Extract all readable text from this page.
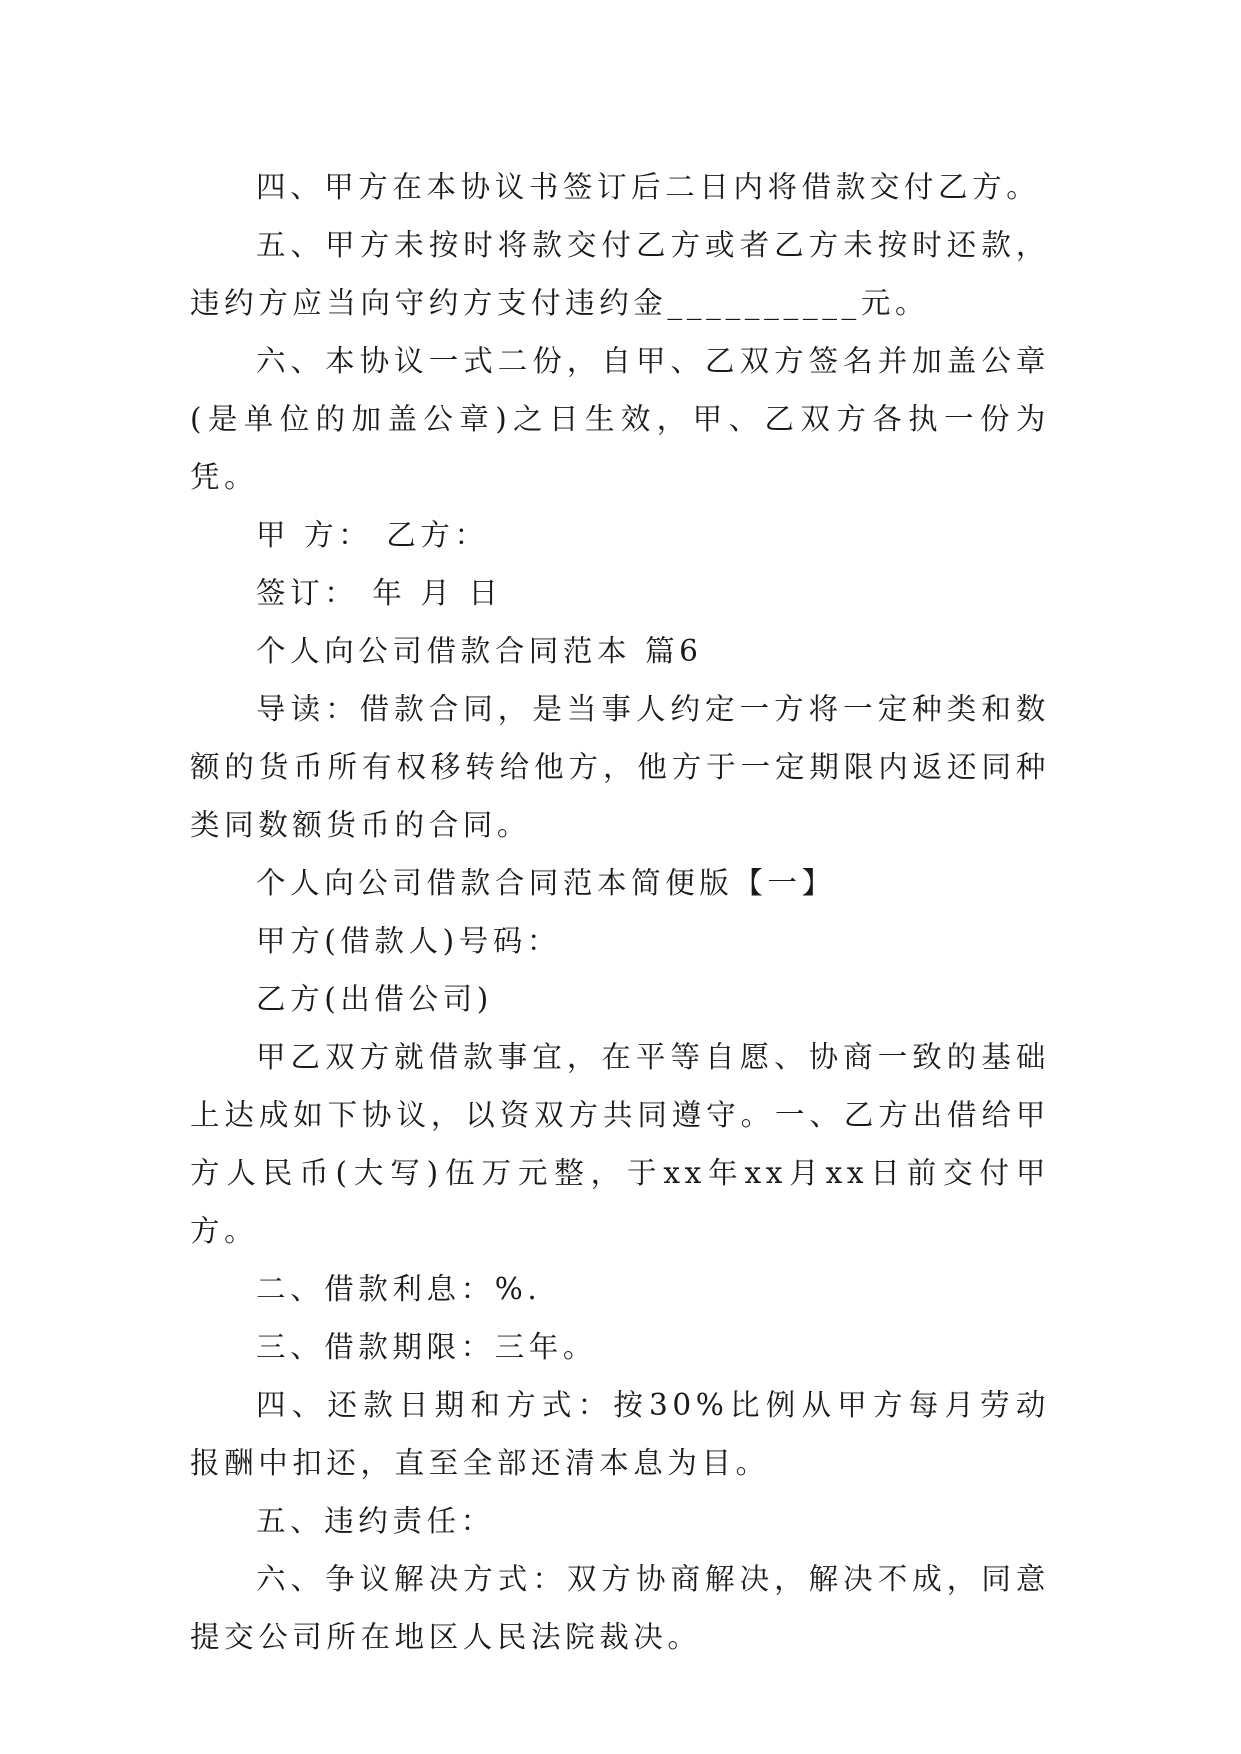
四、甲方在本协议书签订后二日内将借款交付乙方。

五、甲方未按时将款交付乙方或者乙方未按时还款，违约方应当向守约方支付违约金__________元。

六、本协议一式二份，自甲、乙双方签名并加盖公章(是单位的加盖公章)之日生效，甲、乙双方各执一份为凭。

甲 方： 乙方：

签订： 年 月 日

个人向公司借款合同范本 篇6

导读：借款合同，是当事人约定一方将一定种类和数额的货币所有权移转给他方，他方于一定期限内返还同种类同数额货币的合同。

个人向公司借款合同范本简便版【一】

甲方(借款人)号码：

乙方(出借公司)

甲乙双方就借款事宜，在平等自愿、协商一致的基础上达成如下协议，以资双方共同遵守。一、乙方出借给甲方人民币(大写)伍万元整，于xx年xx月xx日前交付甲方。

二、借款利息：%.

三、借款期限：三年。

四、还款日期和方式：按30%比例从甲方每月劳动报酬中扣还，直至全部还清本息为目。

五、违约责任：

六、争议解决方式：双方协商解决，解决不成，同意提交公司所在地区人民法院裁决。
